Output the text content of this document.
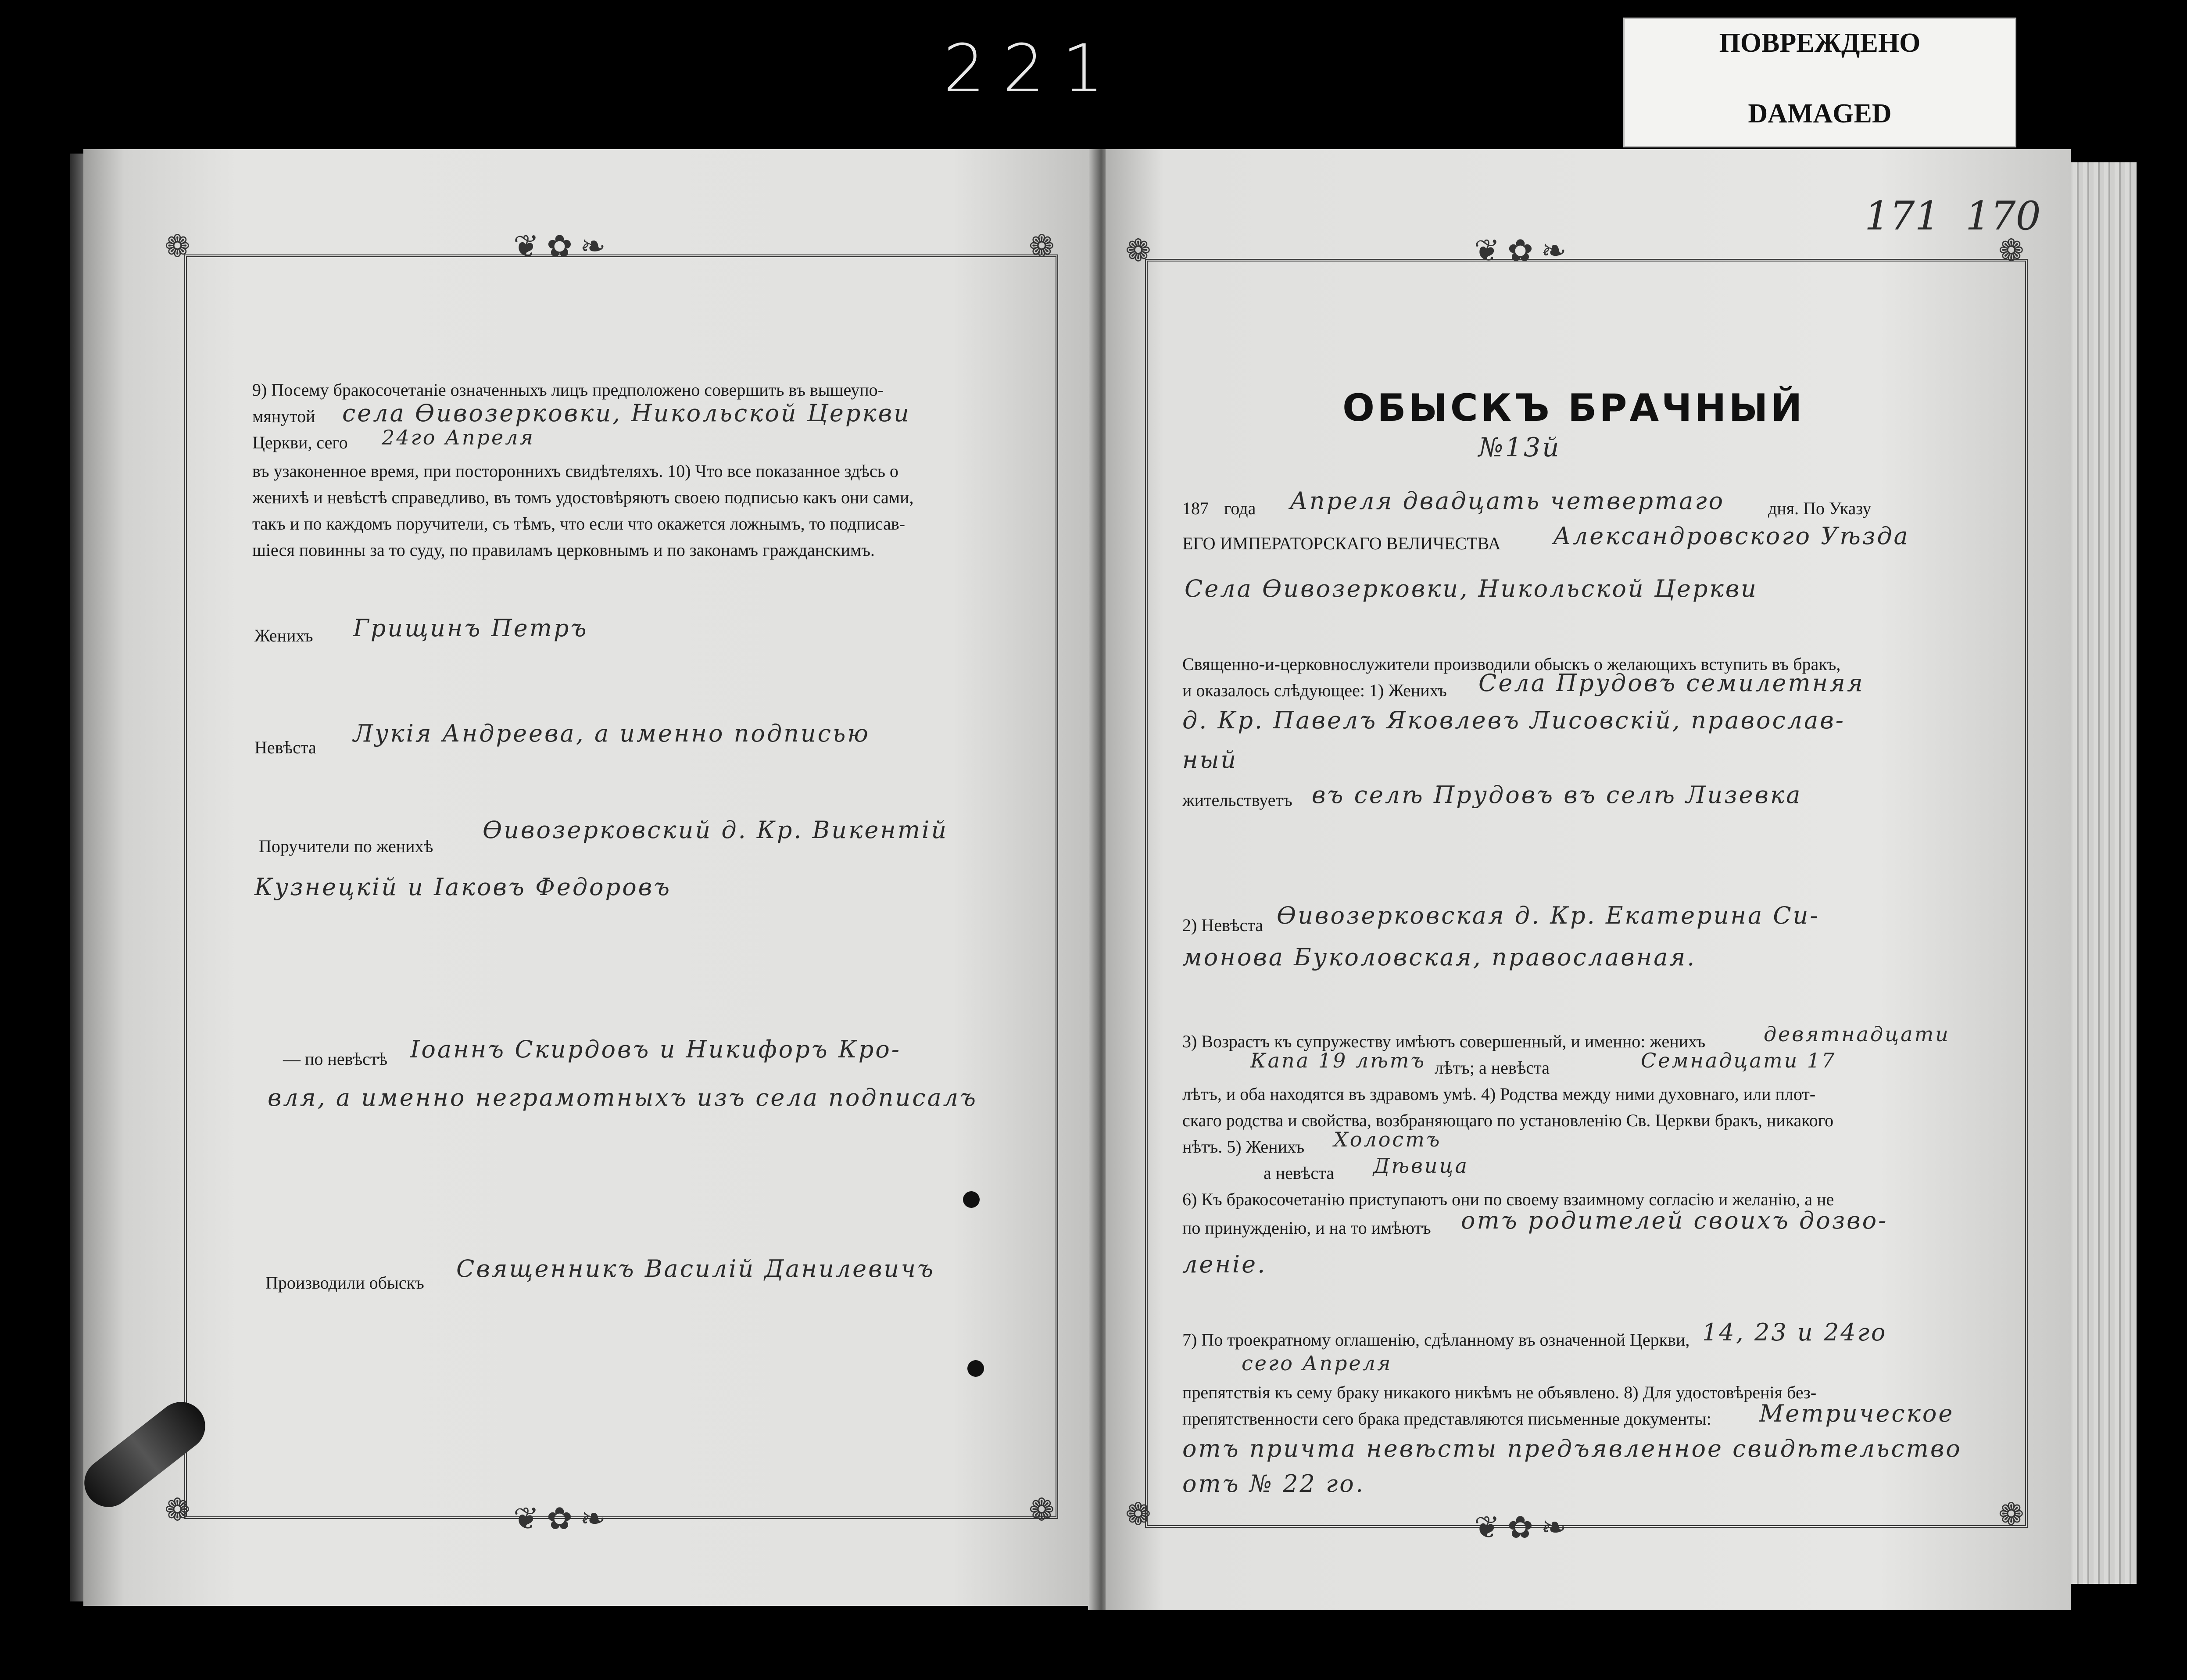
221	ПОВРЕЖДЕНО
DAMAGED
❦ ✿ ❧
❦ ✿ ❧
❁	❁
❁	❁
9) Посему бракосочетаніе означенныхъ лицъ предположено совершить въ вышеупо-
мянутой села Ѳивозерковки, Никольской Церкви
Церкви, сего 24го Апреля
въ узаконенное время, при постороннихъ свидѣтеляхъ. 10) Что все показанное здѣсь о
женихѣ и невѣстѣ справедливо, въ томъ удостовѣряютъ своею подписью какъ они сами,
такъ и по каждомъ поручители, съ тѣмъ, что если что окажется ложнымъ, то подписав-
шіеся повинны за то суду, по правиламъ церковнымъ и по законамъ гражданскимъ.
Женихъ Грищинъ Петръ
Невѣста
Лукія Андреева, а именно подписью
Поручители по женихѣ
Ѳивозерковский д. Кр. Викентій
Кузнецкій и Іаковъ Федоровъ
— по невѣстѣ Іоаннъ Скирдовъ и Никифоръ Кро-
вля, а именно неграмотныхъ изъ села подписалъ
Производили обыскъ
Священникъ Василій Данилевичъ
❦ ✿ ❧
❦ ✿ ❧
❁	❁
❁	❁
171 170
ОБЫСКЪ БРАЧНЫЙ
№13й
187 года Апреля двадцать четвертаго дня. По Указу
ЕГО ИМПЕРАТОРСКАГО ВЕЛИЧЕСТВА Александровского Уѣзда
Села Ѳивозерковки, Никольской Церкви
Священно-и-церковнослужители производили обыскъ о желающихъ вступить въ бракъ,
и оказалось слѣдующее: 1) Женихъ Села Прудовъ семилетняя
д. Кр. Павелъ Яковлевъ Лисовскій, православ-
ный
жительствуетъ въ селѣ Прудовъ въ селѣ Лизевка
2) Невѣста Ѳивозерковская д. Кр. Екатерина Си-
монова Буколовская, православная.
3) Возрастъ къ супружеству имѣютъ совершенный, и именно: женихъ	девятнадцати
Капа 19 лѣтъ лѣтъ; а невѣста	Семнадцати 17
лѣтъ, и оба находятся въ здравомъ умѣ. 4) Родства между ними духовнаго, или плот-
скаго родства и свойства, возбраняющаго по установленію Св. Церкви бракъ, никакого
нѣтъ. 5) Женихъ Холостъ
а невѣста Дѣвица
6) Къ бракосочетанію приступаютъ они по своему взаимному согласію и желанію, а не
по принужденію, и на то имѣютъ отъ родителей своихъ дозво-
леніе.
7) По троекратному оглашенію, сдѣланному въ означенной Церкви, 14, 23 и 24го
сего Апреля
препятствія къ сему браку никакого никѣмъ не объявлено. 8) Для удостовѣренія без-
препятственности сего брака представляются письменные документы: Метрическое
отъ причта невѣсты предъявленное свидѣтельство
отъ № 22 го.
